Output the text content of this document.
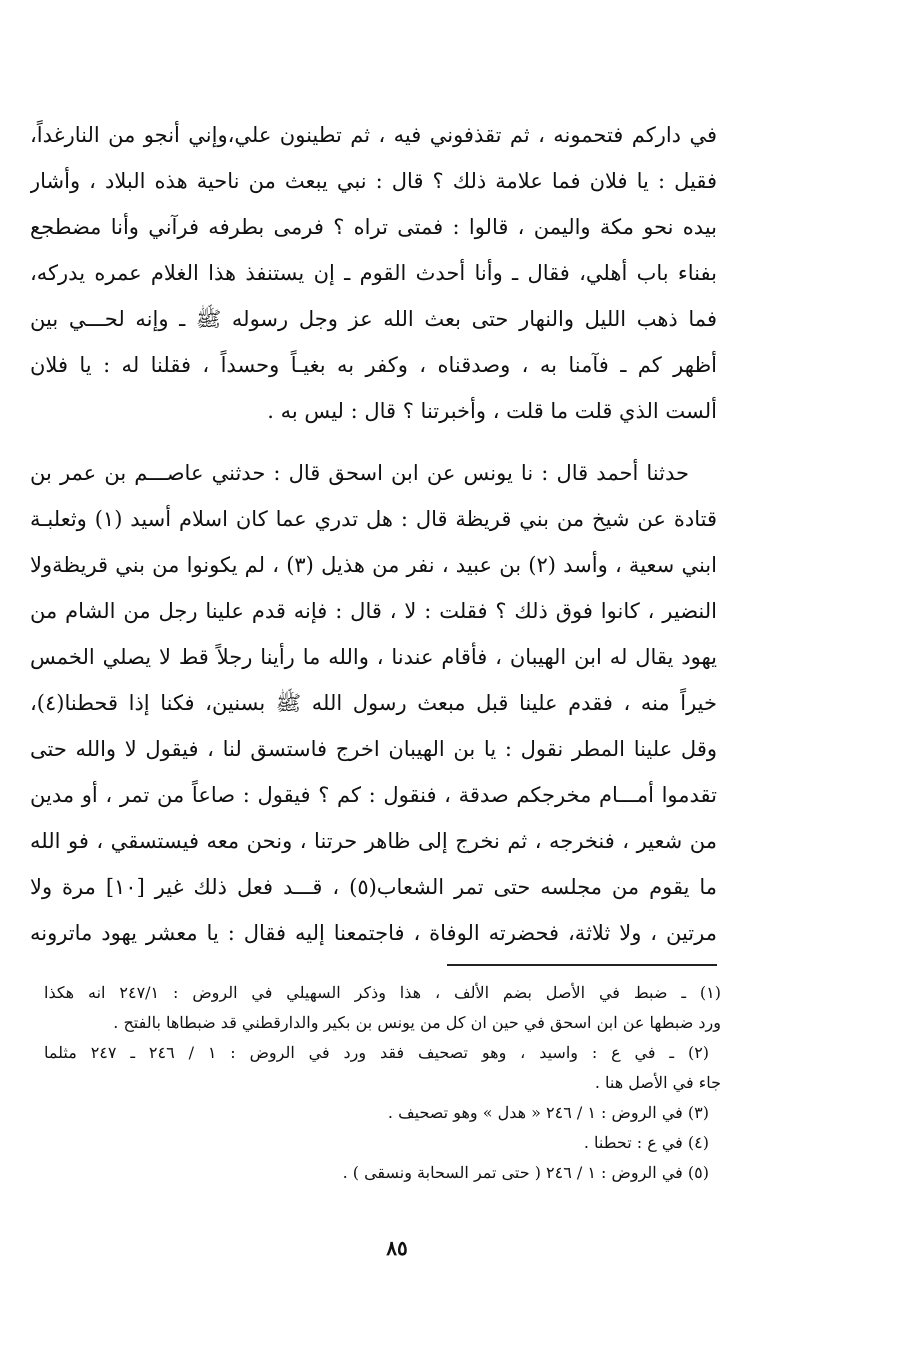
في داركم فتحمونه ، ثم تقذفوني فيه ، ثم تطينون علي،وإني أنجو من النارغداً،
فقيل : يا فلان فما علامة ذلك ؟ قال : نبي يبعث من ناحية هذه البلاد ، وأشار
بيده نحو مكة واليمن ، قالوا : فمتى تراه ؟ فرمى بطرفه فرآني وأنا مضطجع
بفناء باب أهلي، فقال ـ وأنا أحدث القوم ـ إن يستنفذ هذا الغلام عمره يدركه،
فما ذهب الليل والنهار حتى بعث الله عز وجل رسوله ﷺ ـ وإنه لحـــي بين
أظهر كم ـ فآمنا به ، وصدقناه ، وكفر به بغيـاً وحسداً ، فقلنا له : يا فلان
ألست الذي قلت ما قلت ، وأخبرتنا ؟ قال : ليس به .
حدثنا أحمد قال : نا يونس عن ابن اسحق قال : حدثني عاصـــم بن عمر بن
قتادة عن شيخ من بني قريظة قال : هل تدري عما كان اسلام أسيد (١) وثعلبـة
ابني سعية ، وأسد (٢) بن عبيد ، نفر من هذيل (٣) ، لم يكونوا من بني قريظةولا
النضير ، كانوا فوق ذلك ؟ فقلت : لا ، قال : فإنه قدم علينا رجل من الشام من
يهود يقال له ابن الهيبان ، فأقام عندنا ، والله ما رأينا رجلاً قط لا يصلي الخمس
خيراً منه ، فقدم علينا قبل مبعث رسول الله ﷺ بسنين، فكنا إذا قحطنا(٤)،
وقل علينا المطر نقول : يا بن الهيبان اخرج فاستسق لنا ، فيقول لا والله حتى
تقدموا أمـــام مخرجكم صدقة ، فنقول : كم ؟ فيقول : صاعاً من تمر ، أو مدين
من شعير ، فنخرجه ، ثم نخرج إلى ظاهر حرتنا ، ونحن معه فيستسقي ، فو الله
ما يقوم من مجلسه حتى تمر الشعاب(٥) ، قـــد فعل ذلك غير [١٠] مرة ولا
مرتين ، ولا ثلاثة، فحضرته الوفاة ، فاجتمعنا إليه فقال : يا معشر يهود ماترونه
(١) ـ ضبط في الأصل بضم الألف ، هذا وذكر السهيلي في الروض : ٢٤٧/١ انه هكذا
ورد ضبطها عن ابن اسحق في حين ان كل من يونس بن بكير والدارقطني قد ضبطاها بالفتح .
(٢) ـ في ع : واسيد ، وهو تصحيف فقد ورد في الروض : ١ / ٢٤٦ ـ ٢٤٧ مثلما
جاء في الأصل هنا .
(٣) في الروض : ١ / ٢٤٦ « هدل » وهو تصحيف .
(٤) في ع : تحطنا .
(٥) في الروض : ١ / ٢٤٦ ( حتى تمر السحابة ونسقى ) .
٨٥
